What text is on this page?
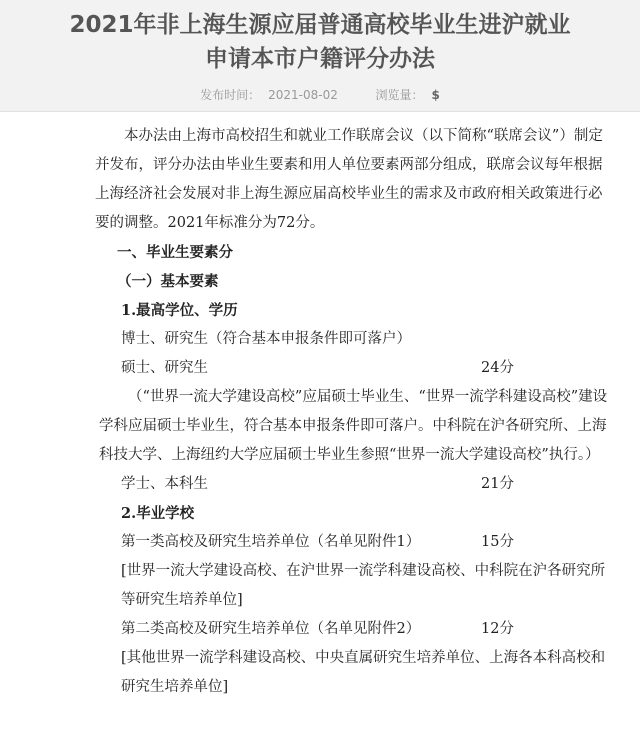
2021年非上海生源应届普通高校毕业生进沪就业
申请本市户籍评分办法
发布时间： 2021-08-02	浏览量： $

本办法由上海市高校招生和就业工作联席会议（以下简称“联席会议”）制定并发布，评分办法由毕业生要素和用人单位要素两部分组成，联席会议每年根据上海经济社会发展对非上海生源应届高校毕业生的需求及市政府相关政策进行必要的调整。2021年标准分为72分。

一、毕业生要素分

（一）基本要素

1.最高学位、学历

博士、研究生（符合基本申报条件即可落户）

硕士、研究生	24分

（“世界一流大学建设高校”应届硕士毕业生、“世界一流学科建设高校”建设学科应届硕士毕业生，符合基本申报条件即可落户。中科院在沪各研究所、上海科技大学、上海纽约大学应届硕士毕业生参照“世界一流大学建设高校”执行。）

学士、本科生	21分

2.毕业学校

第一类高校及研究生培养单位（名单见附件1）	15分

[世界一流大学建设高校、在沪世界一流学科建设高校、中科院在沪各研究所等研究生培养单位]

第二类高校及研究生培养单位（名单见附件2）	12分

[其他世界一流学科建设高校、中央直属研究生培养单位、上海各本科高校和研究生培养单位]
